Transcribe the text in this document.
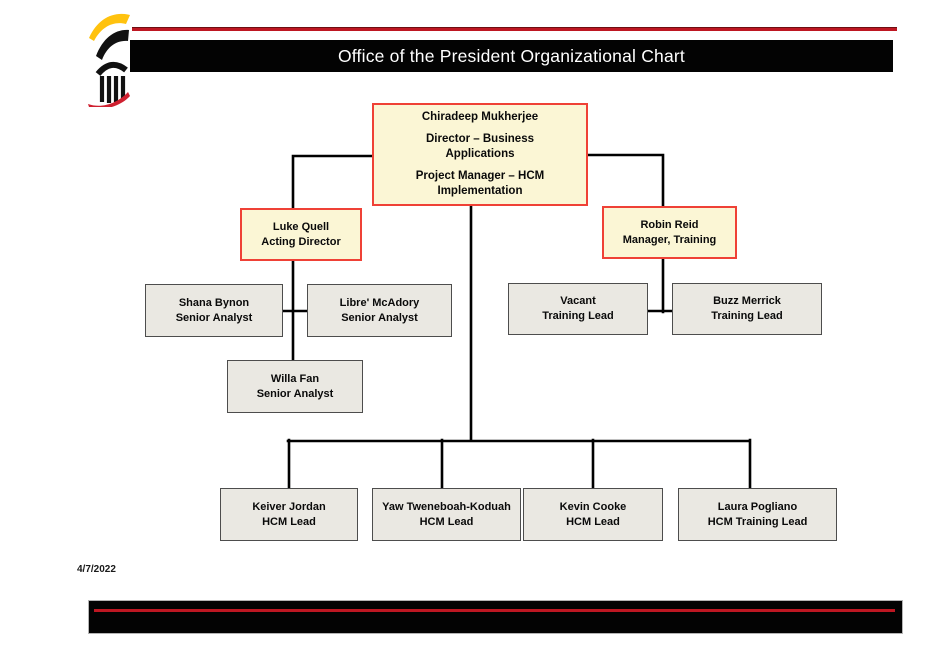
Office of the President Organizational Chart
Chiradeep Mukherjee
Director – Business Applications
Project Manager – HCM Implementation
Luke Quell
Acting Director
Robin Reid
Manager, Training
Shana Bynon
Senior Analyst
Libre' McAdory
Senior Analyst
Vacant
Training Lead
Buzz Merrick
Training Lead
Willa Fan
Senior Analyst
Keiver Jordan
HCM Lead
Yaw Tweneboah-Koduah
HCM Lead
Kevin Cooke
HCM Lead
Laura Pogliano
HCM Training Lead
4/7/2022
